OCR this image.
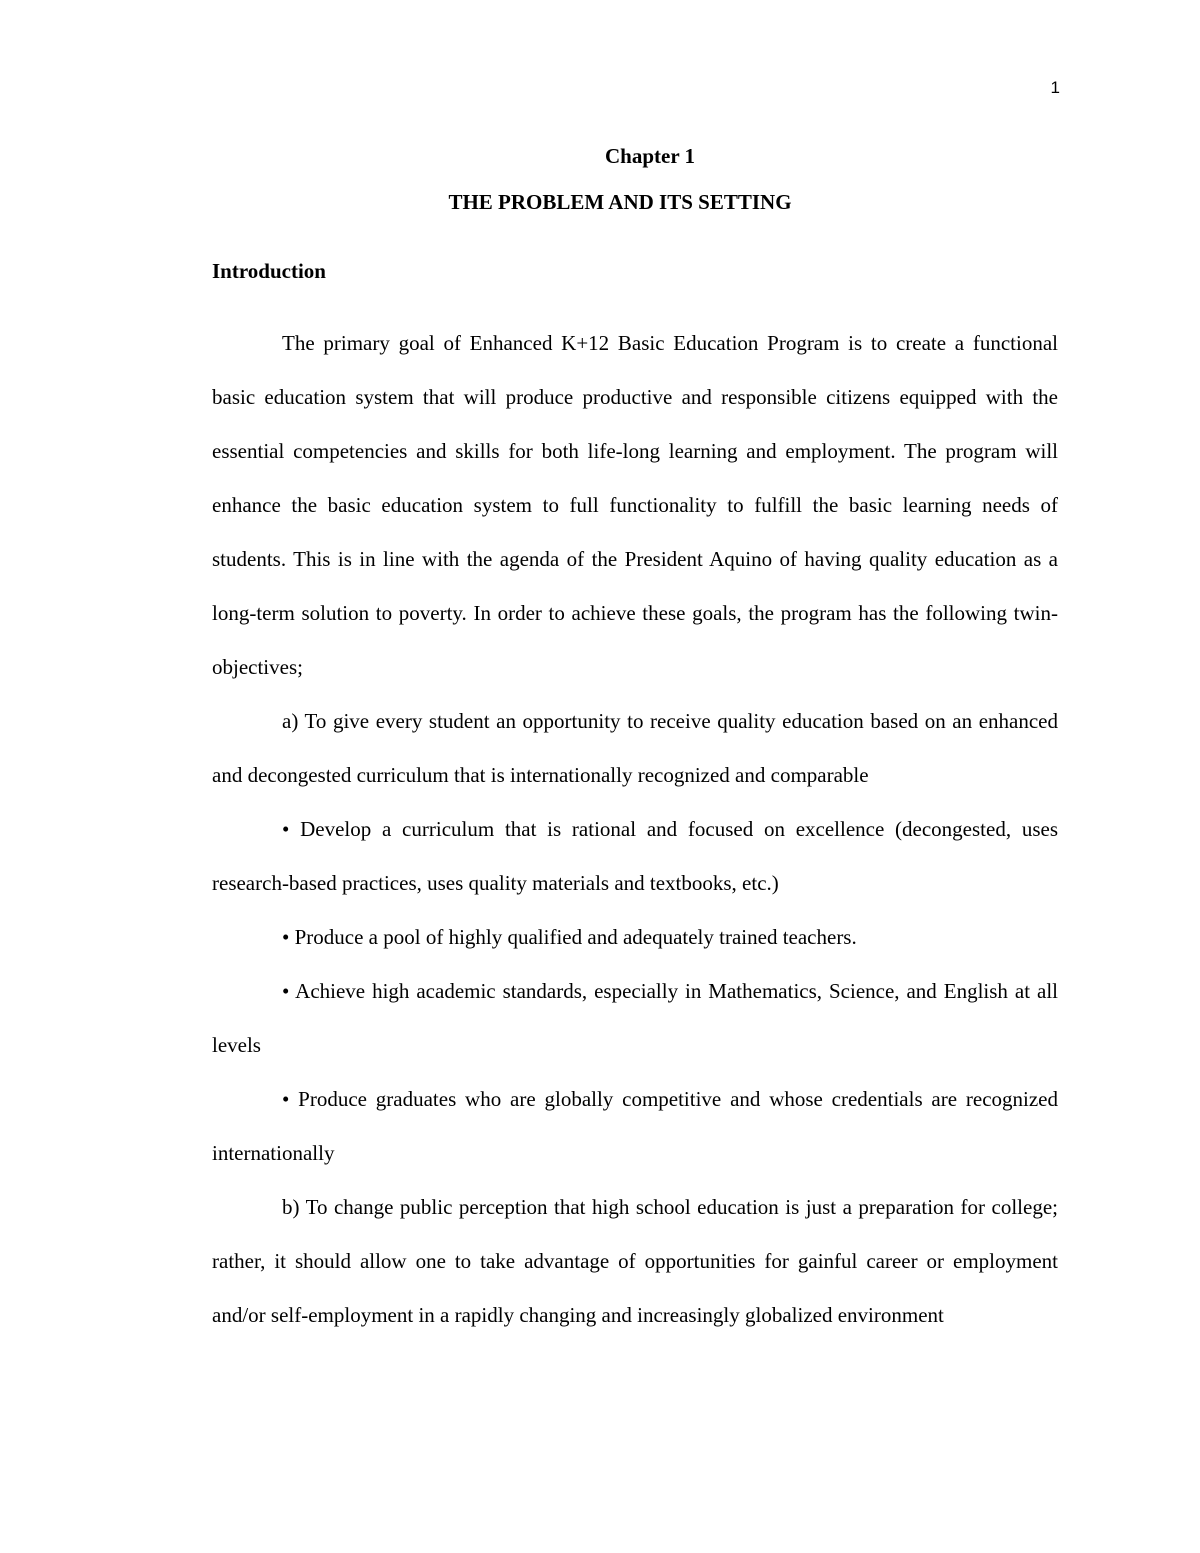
1
Chapter 1
THE PROBLEM AND ITS SETTING
Introduction

The primary goal of Enhanced K+12 Basic Education Program is to create a functional basic education system that will produce productive and responsible citizens equipped with the essential competencies and skills for both life-long learning and employment. The program will enhance the basic education system to full functionality to fulfill the basic learning needs of students. This is in line with the agenda of the President Aquino of having quality education as a long-term solution to poverty. In order to achieve these goals, the program has the following twin-objectives;

a) To give every student an opportunity to receive quality education based on an enhanced and decongested curriculum that is internationally recognized and comparable

• Develop a curriculum that is rational and focused on excellence (decongested, uses research-based practices, uses quality materials and textbooks, etc.)

• Produce a pool of highly qualified and adequately trained teachers.

• Achieve high academic standards, especially in Mathematics, Science, and English at all levels

• Produce graduates who are globally competitive and whose credentials are recognized internationally

b) To change public perception that high school education is just a preparation for college; rather, it should allow one to take advantage of opportunities for gainful career or employment and/or self-employment in a rapidly changing and increasingly globalized environment
